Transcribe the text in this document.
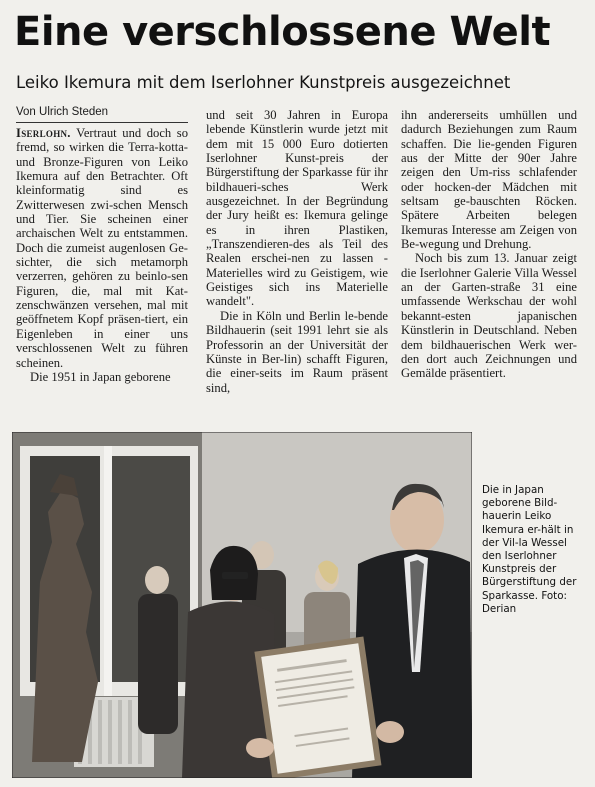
Eine verschlossene Welt
Leiko Ikemura mit dem Iserlohner Kunstpreis ausgezeichnet
Von Ulrich Steden

Iserlohn. Vertraut und doch so fremd, so wirken die Terra-kotta- und Bronze-Figuren von Leiko Ikemura auf den Betrachter. Oft kleinformatig sind es Zwitterwesen zwi-schen Mensch und Tier. Sie scheinen einer archaischen Welt zu entstammen. Doch die zumeist augenlosen Ge-sichter, die sich metamorph verzerren, gehören zu beinlo-sen Figuren, die, mal mit Kat-zenschwänzen versehen, mal mit geöffnetem Kopf präsen-tiert, ein Eigenleben in einer uns verschlossenen Welt zu führen scheinen.

Die 1951 in Japan geborene

und seit 30 Jahren in Europa lebende Künstlerin wurde jetzt mit dem mit 15 000 Euro dotierten Iserlohner Kunst-preis der Bürgerstiftung der Sparkasse für ihr bildhaueri-sches Werk ausgezeichnet. In der Begründung der Jury heißt es: Ikemura gelinge es in ihren Plastiken, „Transzendieren-des als Teil des Realen erschei-nen zu lassen - Materielles wird zu Geistigem, wie Geistiges sich ins Materielle wandelt".

Die in Köln und Berlin le-bende Bildhauerin (seit 1991 lehrt sie als Professorin an der Universität der Künste in Ber-lin) schafft Figuren, die einer-seits im Raum präsent sind,

ihn andererseits umhüllen und dadurch Beziehungen zum Raum schaffen. Die lie-genden Figuren aus der Mitte der 90er Jahre zeigen den Um-riss schlafender oder hocken-der Mädchen mit seltsam ge-bauschten Röcken. Spätere Arbeiten belegen Ikemuras Interesse am Zeigen von Be-wegung und Drehung.

Noch bis zum 13. Januar zeigt die Iserlohner Galerie Villa Wessel an der Garten-straße 31 eine umfassende Werkschau der wohl bekannt-esten japanischen Künstlerin in Deutschland. Neben dem bildhauerischen Werk wer-den dort auch Zeichnungen und Gemälde präsentiert.

Die in Japan geborene Bild-hauerin Leiko Ikemura er-hält in der Vil-la Wessel den Iserlohner Kunstpreis der Bürgerstiftung der Sparkasse. Foto: Derian
